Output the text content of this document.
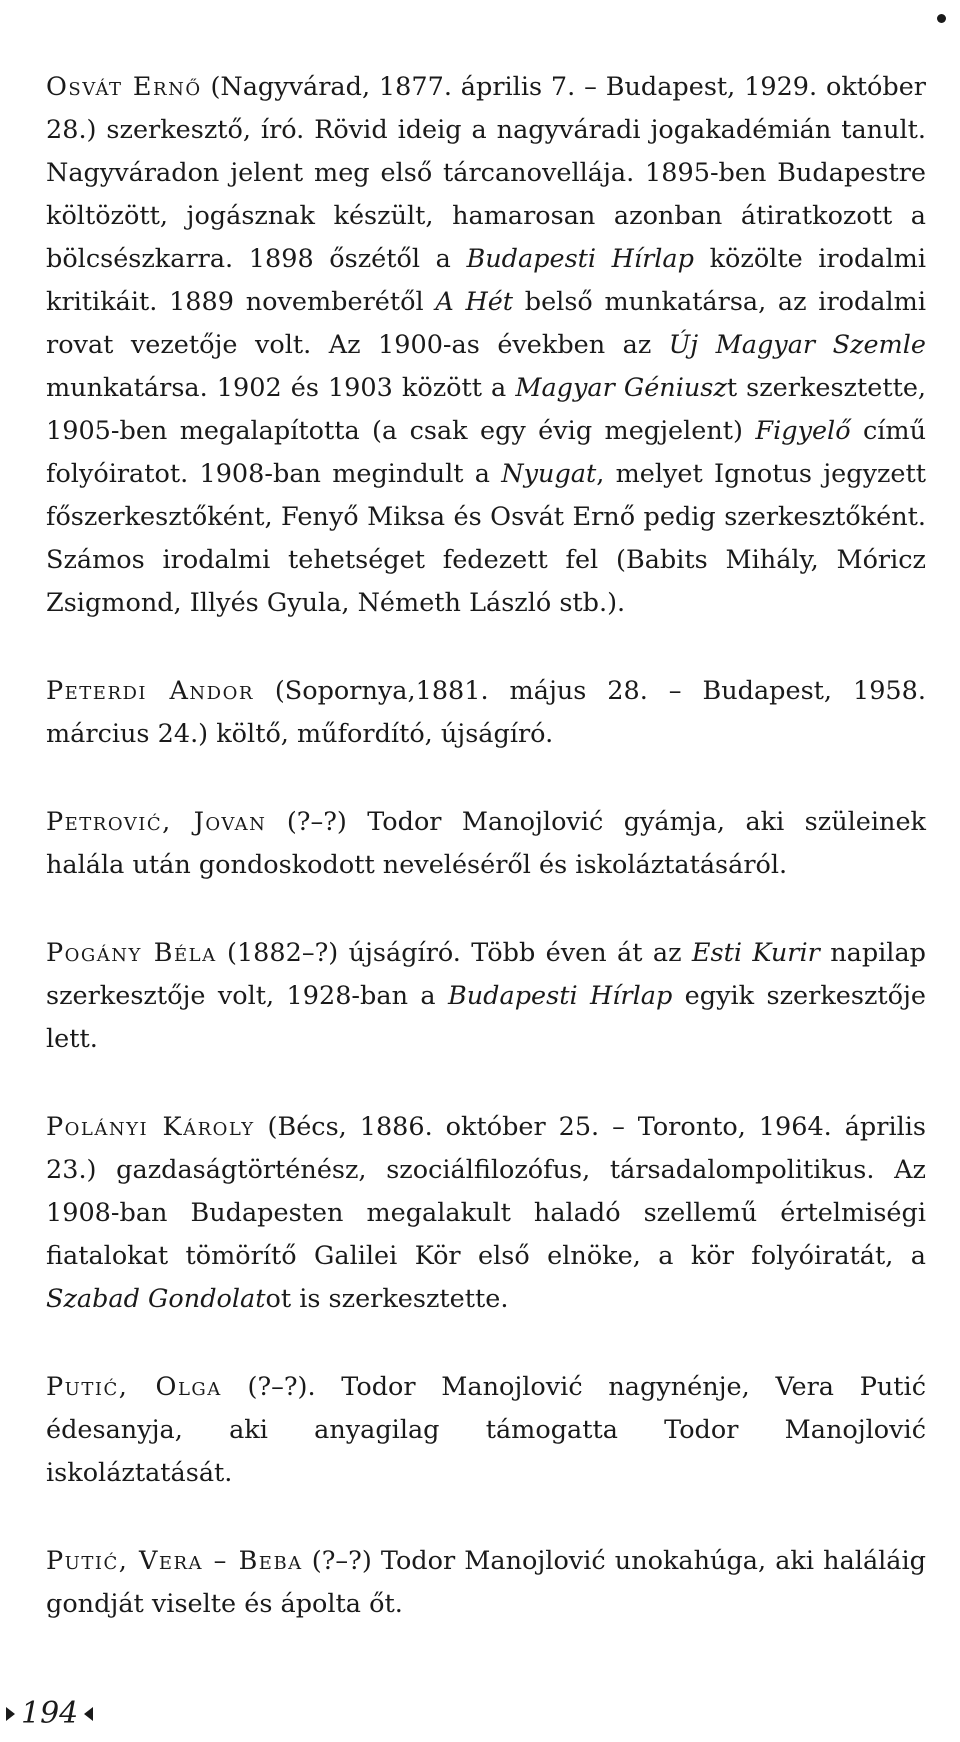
Osvát Ernő (Nagyvárad, 1877. április 7. – Budapest, 1929. október 28.) szerkesztő, író. Rövid ideig a nagyváradi jogakadémián tanult. Nagyváradon jelent meg első tárcanovellája. 1895-ben Budapestre költözött, jogásznak készült, hamarosan azonban átiratkozott a bölcsészkarra. 1898 őszétől a Budapesti Hírlap közölte irodalmi kritikáit. 1889 novemberétől A Hét belső munkatársa, az irodalmi rovat vezetője volt. Az 1900-as években az Új Magyar Szemle munkatársa. 1902 és 1903 között a Magyar Géniuszt szerkesztette, 1905-ben megalapította (a csak egy évig megjelent) Figyelő című folyóiratot. 1908-ban megindult a Nyugat, melyet Ignotus jegyzett főszerkesztőként, Fenyő Miksa és Osvát Ernő pedig szerkesztőként. Számos irodalmi tehetséget fedezett fel (Babits Mihály, Móricz Zsigmond, Illyés Gyula, Németh László stb.).

Peterdi Andor (Sopornya,1881. május 28. – Budapest, 1958. március 24.) költő, műfordító, újságíró.

Petrović, Jovan (?–?) Todor Manojlović gyámja, aki szüleinek halála után gondoskodott neveléséről és iskoláztatásáról.

Pogány Béla (1882–?) újságíró. Több éven át az Esti Kurir napilap szerkesztője volt, 1928-ban a Budapesti Hírlap egyik szerkesztője lett.

Polányi Károly (Bécs, 1886. október 25. – Toronto, 1964. április 23.) gazdaságtörténész, szociálfilozófus, társadalompolitikus. Az 1908-ban Budapesten megalakult haladó szellemű értelmiségi fiatalokat tömörítő Galilei Kör első elnöke, a kör folyóiratát, a Szabad Gondolatot is szerkesztette.

Putić, Olga (?–?). Todor Manojlović nagynénje, Vera Putić édesanyja, aki anyagilag támogatta Todor Manojlović iskoláztatását.

Putić, Vera – Beba (?–?) Todor Manojlović unokahúga, aki haláláig gondját viselte és ápolta őt.

194
